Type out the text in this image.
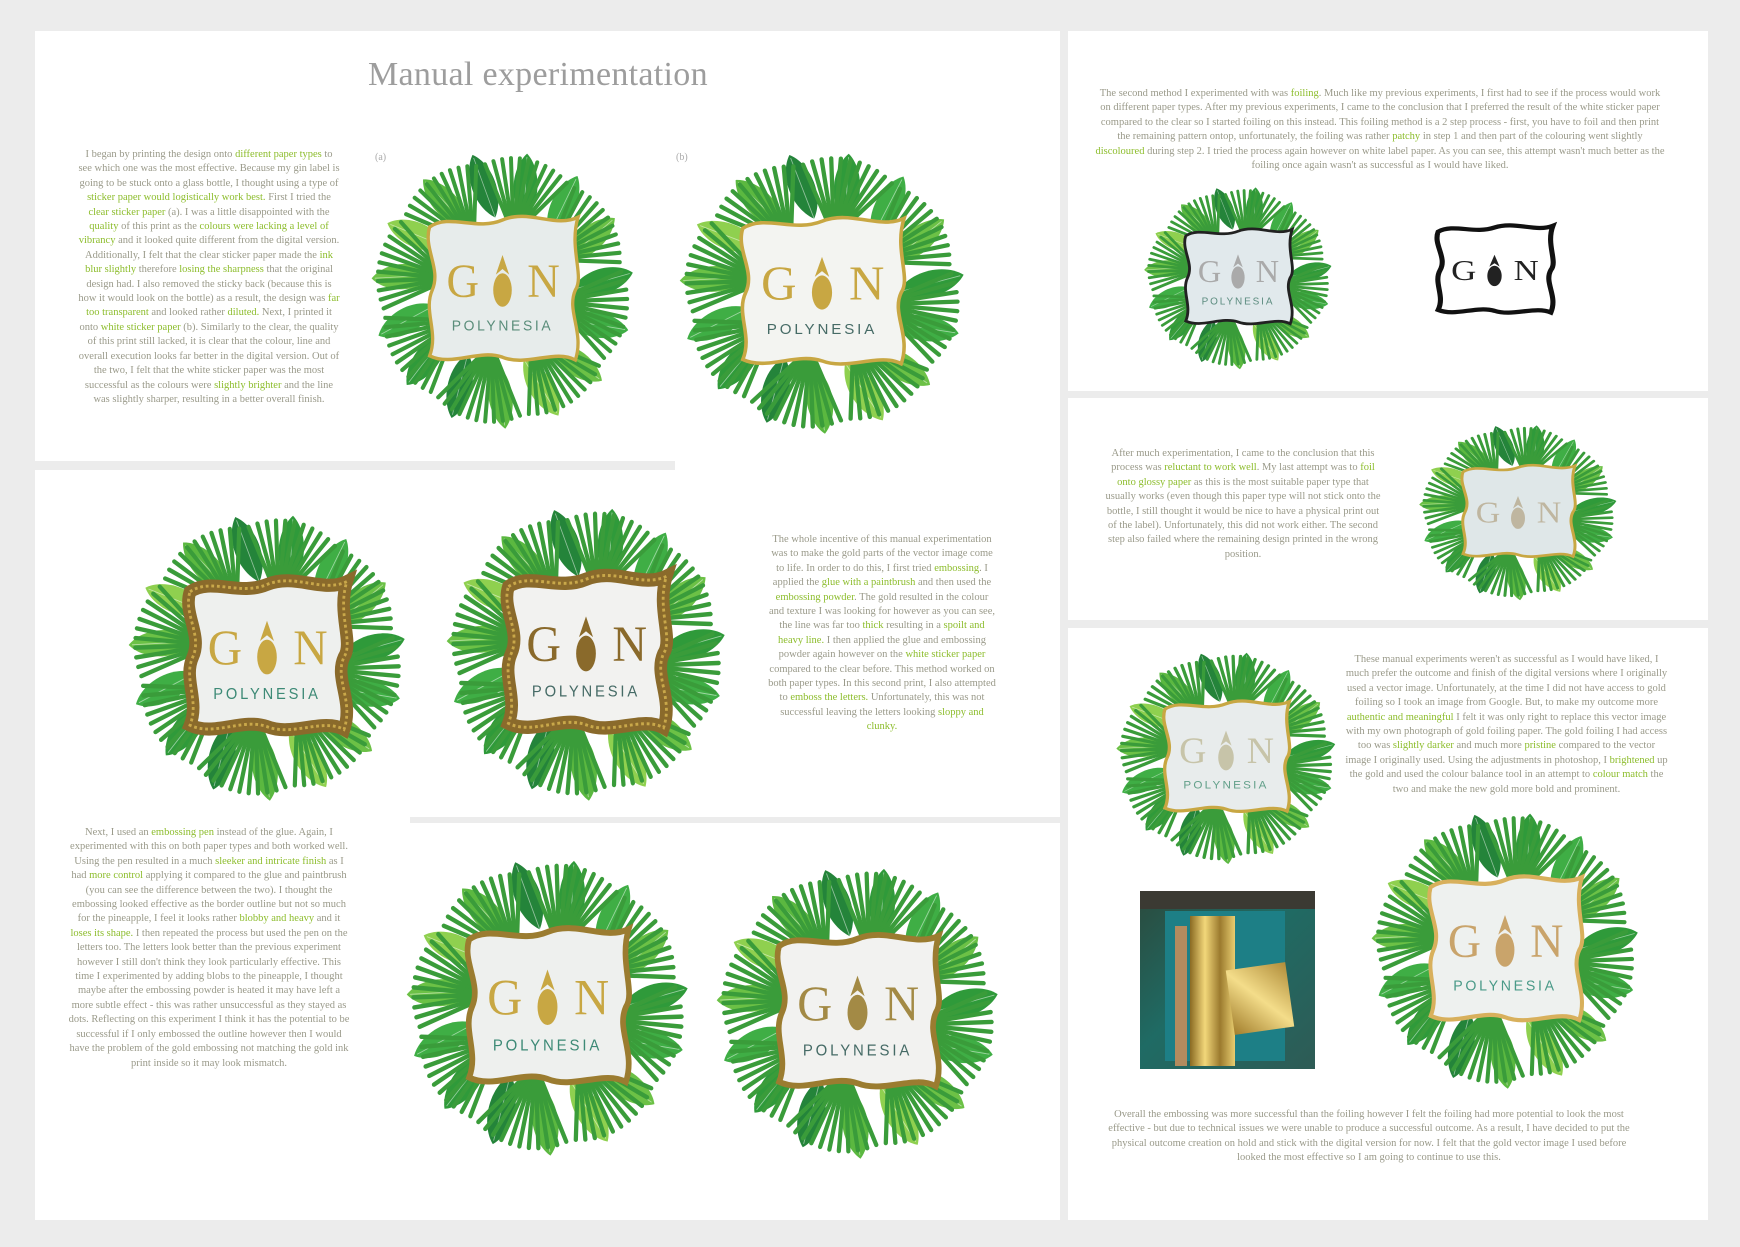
Manual experimentation
I began by printing the design onto different paper types to see which one was the most effective. Because my gin label is going to be stuck onto a glass bottle, I thought using a type of sticker paper would logistically work best. First I tried the clear sticker paper (a). I was a little disappointed with the quality of this print as the colours were lacking a level of vibrancy and it looked quite different from the digital version. Additionally, I felt that the clear sticker paper made the ink blur slightly therefore losing the sharpness that the original design had. I also removed the sticky back (because this is how it would look on the bottle) as a result, the design was far too transparent and looked rather diluted. Next, I printed it onto white sticker paper (b). Similarly to the clear, the quality of this print still lacked, it is clear that the colour, line and overall execution looks far better in the digital version. Out of the two, I felt that the white sticker paper was the most successful as the colours were slightly brighter and the line was slightly sharper, resulting in a better overall finish.
The whole incentive of this manual experimentation was to make the gold parts of the vector image come to life. In order to do this, I first tried embossing. I applied the glue with a paintbrush and then used the embossing powder. The gold resulted in the colour and texture I was looking for however as you can see, the line was far too thick resulting in a spoilt and heavy line. I then applied the glue and embossing powder again however on the white sticker paper compared to the clear before. This method worked on both paper types. In this second print, I also attempted to emboss the letters. Unfortunately, this was not successful leaving the letters looking sloppy and clunky.
Next, I used an embossing pen instead of the glue. Again, I experimented with this on both paper types and both worked well. Using the pen resulted in a much sleeker and intricate finish as I had more control applying it compared to the glue and paintbrush (you can see the difference between the two). I thought the embossing looked effective as the border outline but not so much for the pineapple, I feel it looks rather blobby and heavy and it loses its shape. I then repeated the process but used the pen on the letters too. The letters look better than the previous experiment however I still don't think they look particularly effective. This time I experimented by adding blobs to the pineapple, I thought maybe after the embossing powder is heated it may have left a more subtle effect - this was rather unsuccessful as they stayed as dots. Reflecting on this experiment I think it has the potential to be successful if I only embossed the outline however then I would have the problem of the gold embossing not matching the gold ink print inside so it may look mismatch.
The second method I experimented with was foiling. Much like my previous experiments, I first had to see if the process would work on different paper types. After my previous experiments, I came to the conclusion that I preferred the result of the white sticker paper compared to the clear so I started foiling on this instead. This foiling method is a 2 step process - first, you have to foil and then print the remaining pattern ontop, unfortunately, the foiling was rather patchy in step 1 and then part of the colouring went slightly discoloured during step 2. I tried the process again however on white label paper. As you can see, this attempt wasn't much better as the foiling once again wasn't as successful as I would have liked.
After much experimentation, I came to the conclusion that this process was reluctant to work well. My last attempt was to foil onto glossy paper as this is the most suitable paper type that usually works (even though this paper type will not stick onto the bottle, I still thought it would be nice to have a physical print out of the label). Unfortunately, this did not work either. The second step also failed where the remaining design printed in the wrong position.
These manual experiments weren't as successful as I would have liked, I much prefer the outcome and finish of the digital versions where I originally used a vector image. Unfortunately, at the time I did not have access to gold foiling so I took an image from Google. But, to make my outcome more authentic and meaningful I felt it was only right to replace this vector image with my own photograph of gold foiling paper. The gold foiling I had access too was slightly darker and much more pristine compared to the vector image I originally used. Using the adjustments in photoshop, I brightened up the gold and used the colour balance tool in an attempt to colour match the two and make the new gold more bold and prominent.
Overall the embossing was more successful than the foiling however I felt the foiling had more potential to look the most effective - but due to technical issues we were unable to produce a successful outcome. As a result, I have decided to put the physical outcome creation on hold and stick with the digital version for now. I felt that the gold vector image I used before looked the most effective so I am going to continue to use this.
(a)	(b)
G N
POLYNESIA
G N
POLYNESIA
G N
POLYNESIA
G N
POLYNESIA
G N
POLYNESIA
G N
POLYNESIA
G N
POLYNESIA
G N
G N
G N
POLYNESIA
G N
POLYNESIA
